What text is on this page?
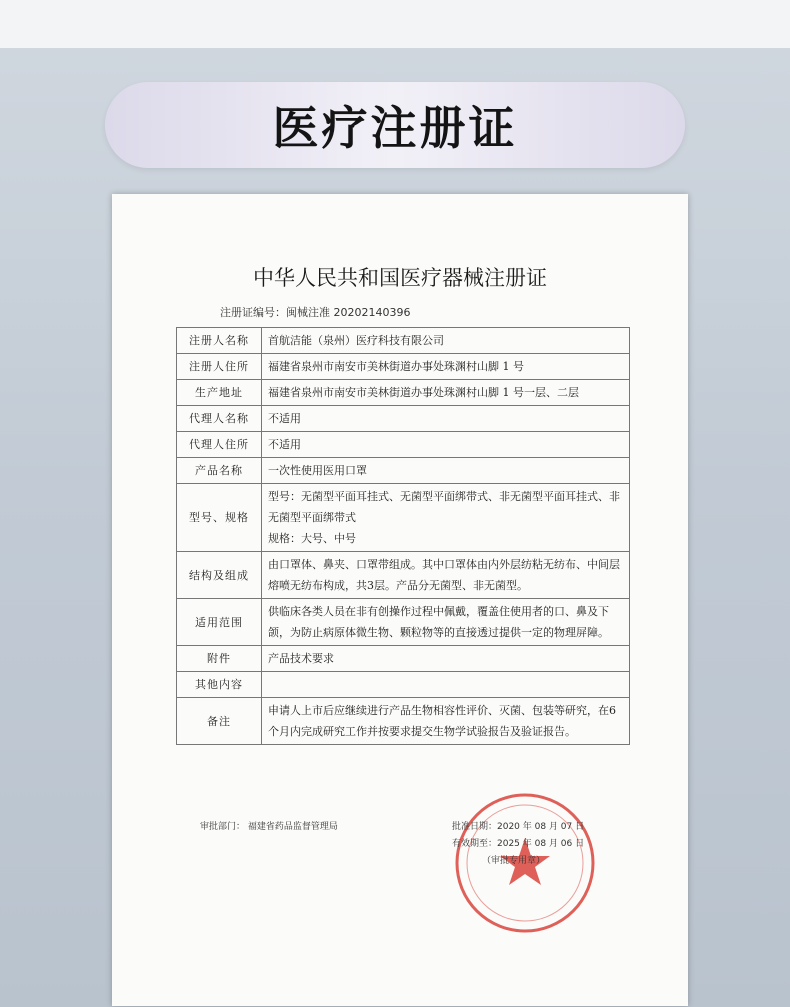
医疗注册证
中华人民共和国医疗器械注册证
注册证编号：闽械注准 20202140396
注册人名称	首航洁能（泉州）医疗科技有限公司
注册人住所	福建省泉州市南安市美林街道办事处珠渊村山脚 1 号
生产地址	福建省泉州市南安市美林街道办事处珠渊村山脚 1 号一层、二层
代理人名称	不适用
代理人住所	不适用
产品名称	一次性使用医用口罩
型号、规格	型号：无菌型平面耳挂式、无菌型平面绑带式、非无菌型平面耳挂式、非无菌型平面绑带式
规格：大号、中号

结构及组成	由口罩体、鼻夹、口罩带组成。其中口罩体由内外层纺粘无纺布、中间层熔喷无纺布构成，共3层。产品分无菌型、非无菌型。
适用范围	供临床各类人员在非有创操作过程中佩戴，覆盖住使用者的口、鼻及下颌，为防止病原体微生物、颗粒物等的直接透过提供一定的物理屏障。
附件	产品技术要求
其他内容	
备注	申请人上市后应继续进行产品生物相容性评价、灭菌、包装等研究，在6个月内完成研究工作并按要求提交生物学试验报告及验证报告。
审批部门： 福建省药品监督管理局	批准日期：2020 年 08 月 07 日
有效期至：2025 年 08 月 06 日
（审批专用章）
